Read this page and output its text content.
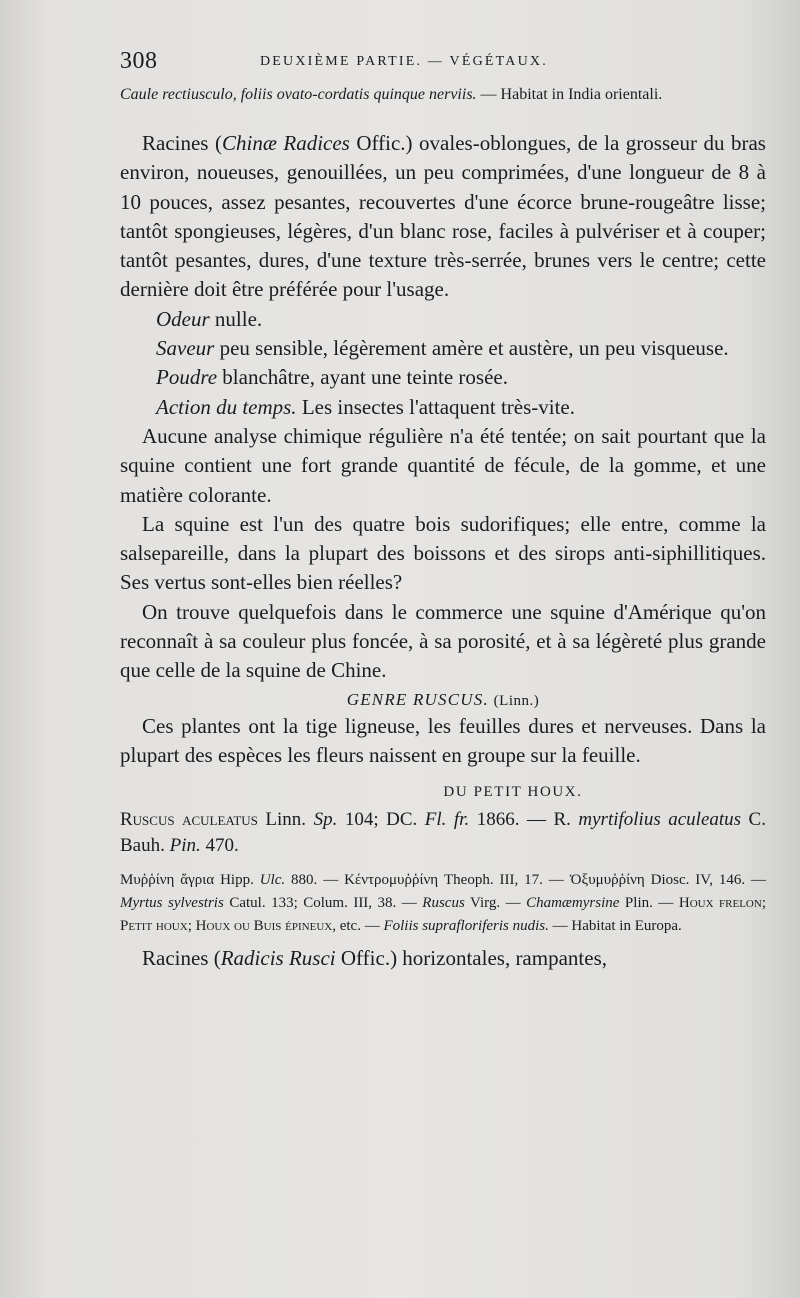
308	DEUXIÈME PARTIE. — VÉGÉTAUX.

Caule rectiusculo, foliis ovato-cordatis quinque nerviis. — Habitat in India orientali.

Racines (Chinæ Radices Offic.) ovales-oblongues, de la grosseur du bras environ, noueuses, genouillées, un peu comprimées, d'une longueur de 8 à 10 pouces, assez pesantes, recouvertes d'une écorce brune-rougeâtre lisse; tantôt spongieuses, légères, d'un blanc rose, faciles à pulvériser et à couper; tantôt pesantes, dures, d'une texture très-serrée, brunes vers le centre; cette dernière doit être préférée pour l'usage.

Odeur nulle.

Saveur peu sensible, légèrement amère et austère, un peu visqueuse.

Poudre blanchâtre, ayant une teinte rosée.

Action du temps. Les insectes l'attaquent très-vite.

Aucune analyse chimique régulière n'a été tentée; on sait pourtant que la squine contient une fort grande quantité de fécule, de la gomme, et une matière colorante.

La squine est l'un des quatre bois sudorifiques; elle entre, comme la salsepareille, dans la plupart des boissons et des sirops anti-siphillitiques. Ses vertus sont-elles bien réelles?

On trouve quelquefois dans le commerce une squine d'Amérique qu'on reconnaît à sa couleur plus foncée, à sa porosité, et à sa légèreté plus grande que celle de la squine de Chine.

GENRE RUSCUS. (Linn.)

Ces plantes ont la tige ligneuse, les feuilles dures et nerveuses. Dans la plupart des espèces les fleurs naissent en groupe sur la feuille.

DU PETIT HOUX.

Ruscus aculeatus Linn. Sp. 104; DC. Fl. fr. 1866. — R. myrtifolius aculeatus C. Bauh. Pin. 470.

Μυῤῥίνη ἄγρια Hipp. Ulc. 880. — Κέντρομυῤῥίνη Theoph. III, 17. — Ὀξυμυῤῥίνη Diosc. IV, 146. — Myrtus sylvestris Catul. 133; Colum. III, 38. — Ruscus Virg. — Chamæmyrsine Plin. — Houx frelon; Petit houx; Houx ou Buis épineux, etc. — Foliis suprafloriferis nudis. — Habitat in Europa.

Racines (Radicis Rusci Offic.) horizontales, rampantes,
